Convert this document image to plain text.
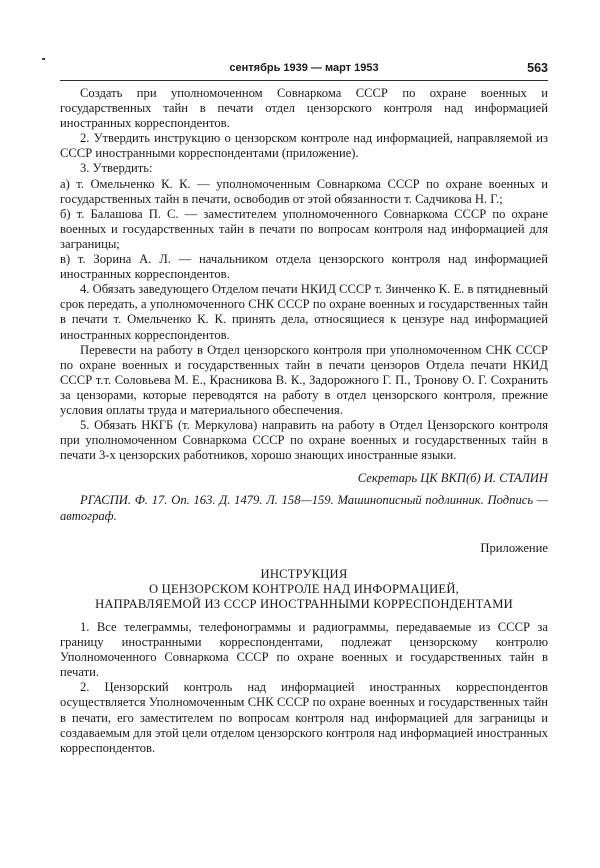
сентябрь 1939 — март 1953	563

Создать при уполномоченном Совнаркома СССР по охране военных и государственных тайн в печати отдел цензорского контроля над информацией иностранных корреспондентов.

2. Утвердить инструкцию о цензорском контроле над информацией, направляемой из СССР иностранными корреспондентами (приложение).

3. Утвердить:

а) т. Омельченко К. К. — уполномоченным Совнаркома СССР по охране военных и государственных тайн в печати, освободив от этой обязанности т. Садчикова Н. Г.;

б) т. Балашова П. С. — заместителем уполномоченного Совнаркома СССР по охране военных и государственных тайн в печати по вопросам контроля над информацией для заграницы;

в) т. Зорина А. Л. — начальником отдела цензорского контроля над информацией иностранных корреспондентов.

4. Обязать заведующего Отделом печати НКИД СССР т. Зинченко К. Е. в пятидневный срок передать, а уполномоченного СНК СССР по охране военных и государственных тайн в печати т. Омельченко К. К. принять дела, относящиеся к цензуре над информацией иностранных корреспондентов.

Перевести на работу в Отдел цензорского контроля при уполномоченном СНК СССР по охране военных и государственных тайн в печати цензоров Отдела печати НКИД СССР т.т. Соловьева М. Е., Красникова В. К., Задорожного Г. П., Тронову О. Г. Сохранить за цензорами, которые переводятся на работу в отдел цензорского контроля, прежние условия оплаты труда и материального обеспечения.

5. Обязать НКГБ (т. Меркулова) направить на работу в Отдел Цензорского контроля при уполномоченном Совнаркома СССР по охране военных и государственных тайн в печати 3-х цензорских работников, хорошо знающих иностранные языки.

Секретарь ЦК ВКП(б) И. СТАЛИН

РГАСПИ. Ф. 17. Оп. 163. Д. 1479. Л. 158—159. Машинописный подлинник. Подпись — автограф.

Приложение

ИНСТРУКЦИЯ
О ЦЕНЗОРСКОМ КОНТРОЛЕ НАД ИНФОРМАЦИЕЙ,
НАПРАВЛЯЕМОЙ ИЗ СССР ИНОСТРАННЫМИ КОРРЕСПОНДЕНТАМИ

1. Все телеграммы, телефонограммы и радиограммы, передаваемые из СССР за границу иностранными корреспондентами, подлежат цензорскому контролю Уполномоченного Совнаркома СССР по охране военных и государственных тайн в печати.

2. Цензорский контроль над информацией иностранных корреспондентов осуществляется Уполномоченным СНК СССР по охране военных и государственных тайн в печати, его заместителем по вопросам контроля над информацией для заграницы и создаваемым для этой цели отделом цензорского контроля над информацией иностранных корреспондентов.
